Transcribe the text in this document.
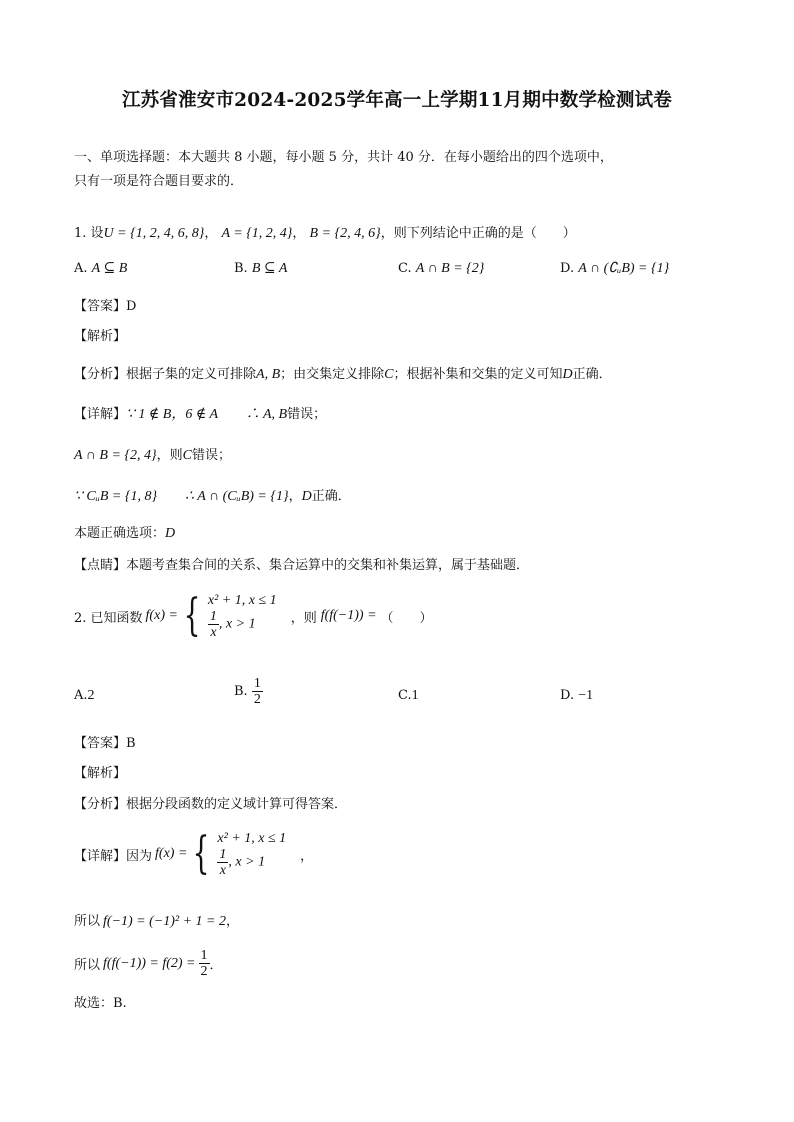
江苏省淮安市2024-2025学年高一上学期11月期中数学检测试卷
一、单项选择题：本大题共 8 小题，每小题 5 分，共计 40 分．在每小题给出的四个选项中，
只有一项是符合题目要求的．
1. 设U = {1, 2, 4, 6, 8}， A = {1, 2, 4}， B = {2, 4, 6}，则下列结论中正确的是（　　）
A. A ⊆ B	B. B ⊆ A	C. A ∩ B = {2}	D. A ∩ (∁ᵤB) = {1}
【答案】D
【解析】
【分析】根据子集的定义可排除A, B；由交集定义排除C；根据补集和交集的定义可知D正确．
【详解】∵ 1 ∉ B，6 ∉ A　　∴ A, B错误；
A ∩ B = {2, 4}，则C错误；
∵ CᵤB = {1, 8}　　∴ A ∩ (CᵤB) = {1}，D正确．
本题正确选项：D
【点睛】本题考查集合间的关系、集合运算中的交集和补集运算，属于基础题．
2. 已知函数 f(x) = { x² + 1, x ≤ 1
$\frac{1}{x}$ , x > 1	，则 f(f(−1)) = （　　）
A.2	B. $\frac{1}{2}$	C.1	D. −1
【答案】B
【解析】
【分析】根据分段函数的定义域计算可得答案．
【详解】 因为 f(x) = { x² + 1, x ≤ 1
$\frac{1}{x}$ , x > 1	，
所以 f(−1) = (−1)² + 1 = 2，
所以 $f(f(-1)) = f(2) = \frac{1}{2}$ ．
故选：B.
